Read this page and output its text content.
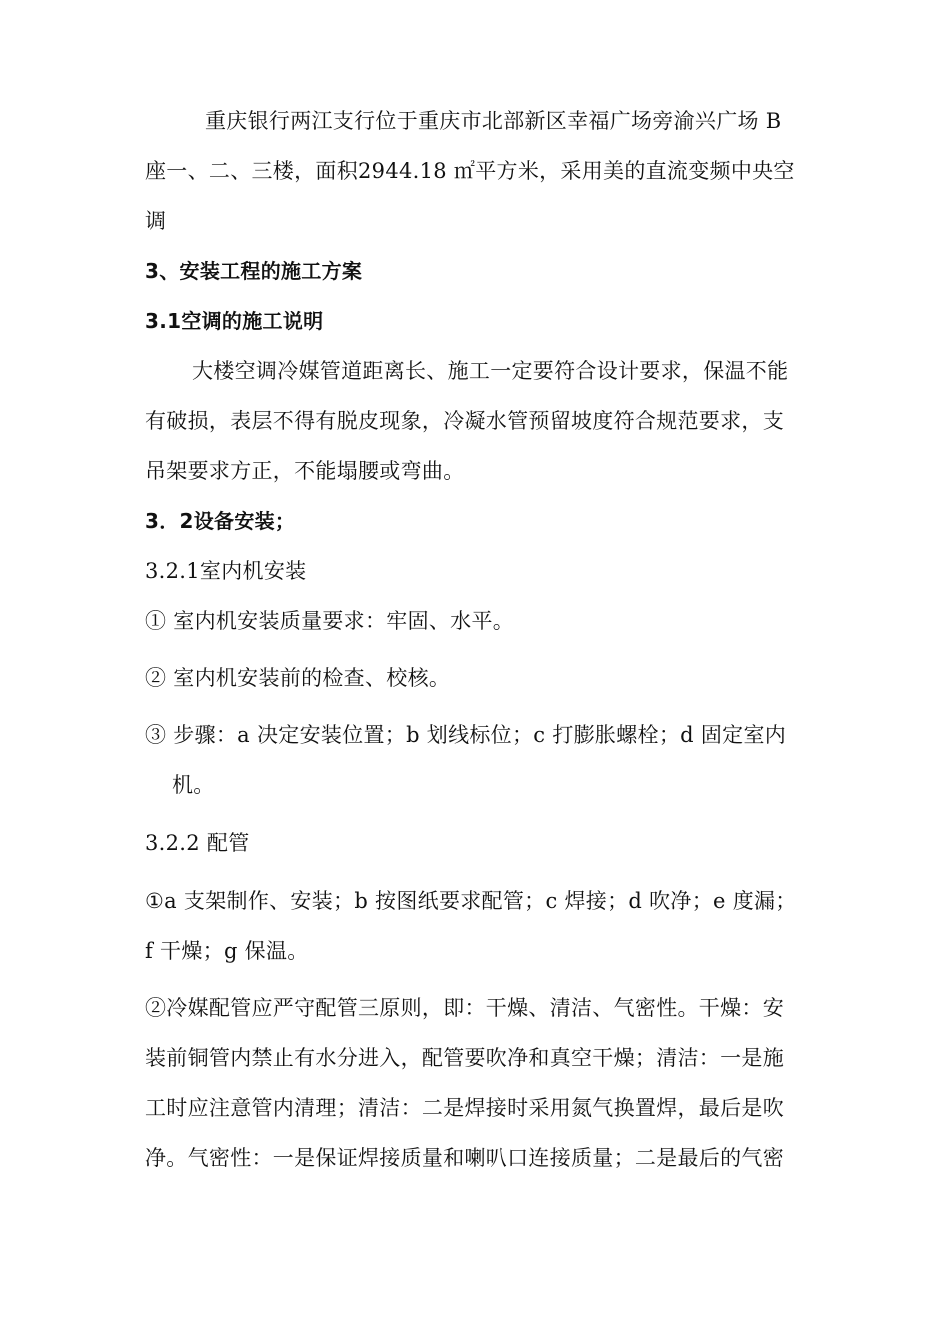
重庆银行两江支行位于重庆市北部新区幸福广场旁渝兴广场 B
座一、二、三楼，面积2944.18 ㎡平方米，采用美的直流变频中央空
调
3、安装工程的施工方案
3.1空调的施工说明
大楼空调冷媒管道距离长、施工一定要符合设计要求，保温不能
有破损，表层不得有脱皮现象，冷凝水管预留坡度符合规范要求，支
吊架要求方正，不能塌腰或弯曲。
3．2设备安装；
3.2.1室内机安装
① 室内机安装质量要求：牢固、水平。
② 室内机安装前的检查、校核。
③ 步骤：a 决定安装位置；b 划线标位；c 打膨胀螺栓；d 固定室内
机。
3.2.2 配管
①a 支架制作、安装；b 按图纸要求配管；c 焊接；d 吹净；e 度漏；
f 干燥；g 保温。
②冷媒配管应严守配管三原则，即：干燥、清洁、气密性。干燥：安
装前铜管内禁止有水分进入，配管要吹净和真空干燥；清洁：一是施
工时应注意管内清理；清洁：二是焊接时采用氮气换置焊，最后是吹
净。气密性：一是保证焊接质量和喇叭口连接质量；二是最后的气密
